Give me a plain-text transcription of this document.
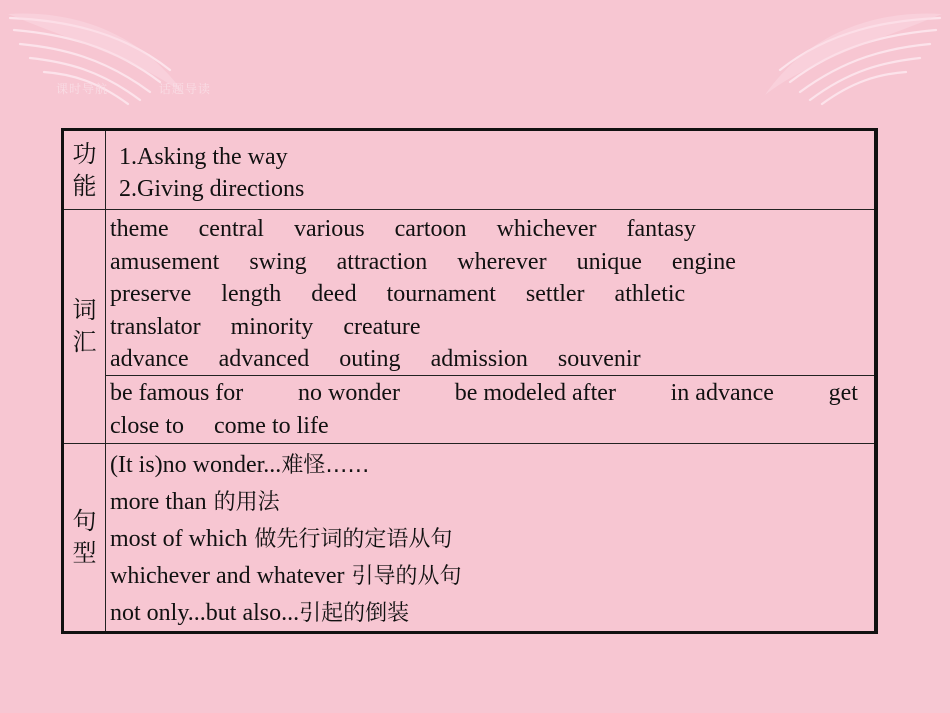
课时导航	话题导读
功能
1.Asking the way
2.Giving directions
词汇
theme central various cartoon whichever fantasy
amusement swing attraction wherever unique engine
preserve length deed tournament settler athletic
translator minority creature
advance advanced outing admission souvenir
be famous for no wonder be modeled after in advance get
close to come to life
句型
(It is)no wonder...难怪……
more than 的用法
most of which 做先行词的定语从句
whichever and whatever 引导的从句
not only...but also...引起的倒装
